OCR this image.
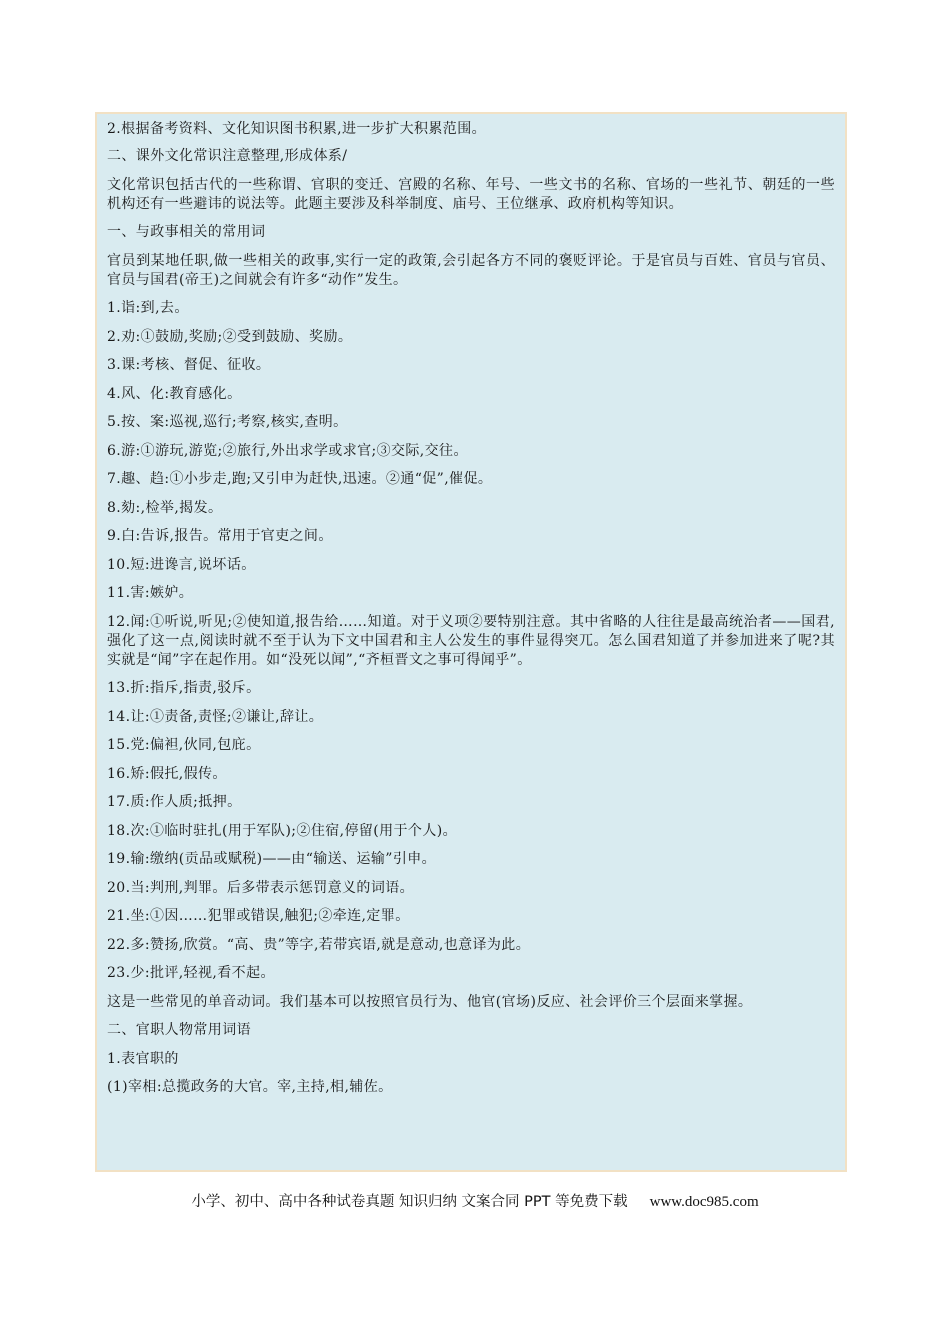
2.根据备考资料、文化知识图书积累,进一步扩大积累范围。

二、课外文化常识注意整理,形成体系/

文化常识包括古代的一些称谓、官职的变迁、宫殿的名称、年号、一些文书的名称、官场的一些礼节、朝廷的一些机构还有一些避讳的说法等。此题主要涉及科举制度、庙号、王位继承、政府机构等知识。

一、与政事相关的常用词

官员到某地任职,做一些相关的政事,实行一定的政策,会引起各方不同的褒贬评论。于是官员与百姓、官员与官员、官员与国君(帝王)之间就会有许多“动作”发生。

1.诣:到,去。

2.劝:①鼓励,奖励;②受到鼓励、奖励。

3.课:考核、督促、征收。

4.风、化:教育感化。

5.按、案:巡视,巡行;考察,核实,查明。

6.游:①游玩,游览;②旅行,外出求学或求官;③交际,交往。

7.趣、趋:①小步走,跑;又引申为赶快,迅速。②通“促”,催促。

8.劾:,检举,揭发。

9.白:告诉,报告。常用于官吏之间。

10.短:进谗言,说坏话。

11.害:嫉妒。

12.闻:①听说,听见;②使知道,报告给……知道。对于义项②要特别注意。其中省略的人往往是最高统治者——国君,强化了这一点,阅读时就不至于认为下文中国君和主人公发生的事件显得突兀。怎么国君知道了并参加进来了呢?其实就是“闻”字在起作用。如“没死以闻”,“齐桓晋文之事可得闻乎”。

13.折:指斥,指责,驳斥。

14.让:①责备,责怪;②谦让,辞让。

15.党:偏袒,伙同,包庇。

16.矫:假托,假传。

17.质:作人质;抵押。

18.次:①临时驻扎(用于军队);②住宿,停留(用于个人)。

19.输:缴纳(贡品或赋税)——由“输送、运输”引申。

20.当:判刑,判罪。后多带表示惩罚意义的词语。

21.坐:①因……犯罪或错误,触犯;②牵连,定罪。

22.多:赞扬,欣赏。“高、贵”等字,若带宾语,就是意动,也意译为此。

23.少:批评,轻视,看不起。

这是一些常见的单音动词。我们基本可以按照官员行为、他官(官场)反应、社会评价三个层面来掌握。

二、官职人物常用词语

1.表官职的

(1)宰相:总揽政务的大官。宰,主持,相,辅佐。

小学、初中、高中各种试卷真题 知识归纳 文案合同 PPT 等免费下载 www.doc985.com
